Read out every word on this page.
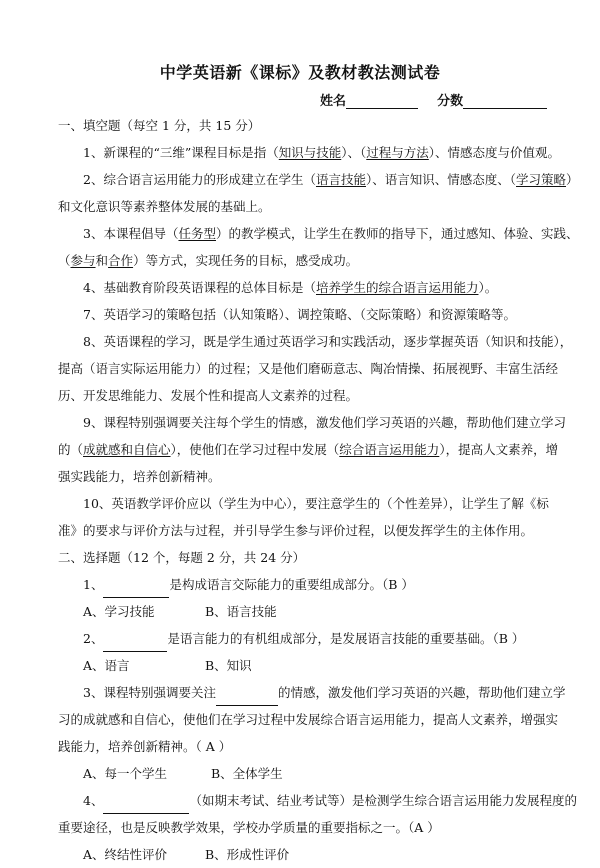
中学英语新《课标》及教材教法测试卷
姓名	分数

一、填空题（每空 1 分，共 15 分）

1、新课程的“三维”课程目标是指（知识与技能）、（过程与方法）、情感态度与价值观。

2、综合语言运用能力的形成建立在学生（语言技能）、语言知识、情感态度、（学习策略）

和文化意识等素养整体发展的基础上。

3、本课程倡导（任务型）的教学模式，让学生在教师的指导下，通过感知、体验、实践、

（参与和合作）等方式，实现任务的目标，感受成功。

4、基础教育阶段英语课程的总体目标是（培养学生的综合语言运用能力）。

7、英语学习的策略包括（认知策略）、调控策略、（交际策略）和资源策略等。

8、英语课程的学习，既是学生通过英语学习和实践活动，逐步掌握英语（知识和技能），

提高（语言实际运用能力）的过程；又是他们磨砺意志、陶冶情操、拓展视野、丰富生活经

历、开发思维能力、发展个性和提高人文素养的过程。

9、课程特别强调要关注每个学生的情感，激发他们学习英语的兴趣，帮助他们建立学习

的（成就感和自信心），使他们在学习过程中发展（综合语言运用能力），提高人文素养，增

强实践能力，培养创新精神。

10、英语教学评价应以（学生为中心），要注意学生的（个性差异），让学生了解《标

准》的要求与评价方法与过程，并引导学生参与评价过程，以便发挥学生的主体作用。

二、选择题（12 个，每题 2 分，共 24 分）

1、	是构成语言交际能力的重要组成部分。（B ）

A、学习技能	B、语言技能

2、	是语言能力的有机组成部分，是发展语言技能的重要基础。（B ）

A、语言	B、知识

3、课程特别强调要关注	的情感，激发他们学习英语的兴趣，帮助他们建立学

习的成就感和自信心，使他们在学习过程中发展综合语言运用能力，提高人文素养，增强实

践能力，培养创新精神。（ A ）

A、每一个学生	B、全体学生

4、	（如期末考试、结业考试等）是检测学生综合语言运用能力发展程度的

重要途径，也是反映教学效果，学校办学质量的重要指标之一。（A ）

A、终结性评价	B、形成性评价
